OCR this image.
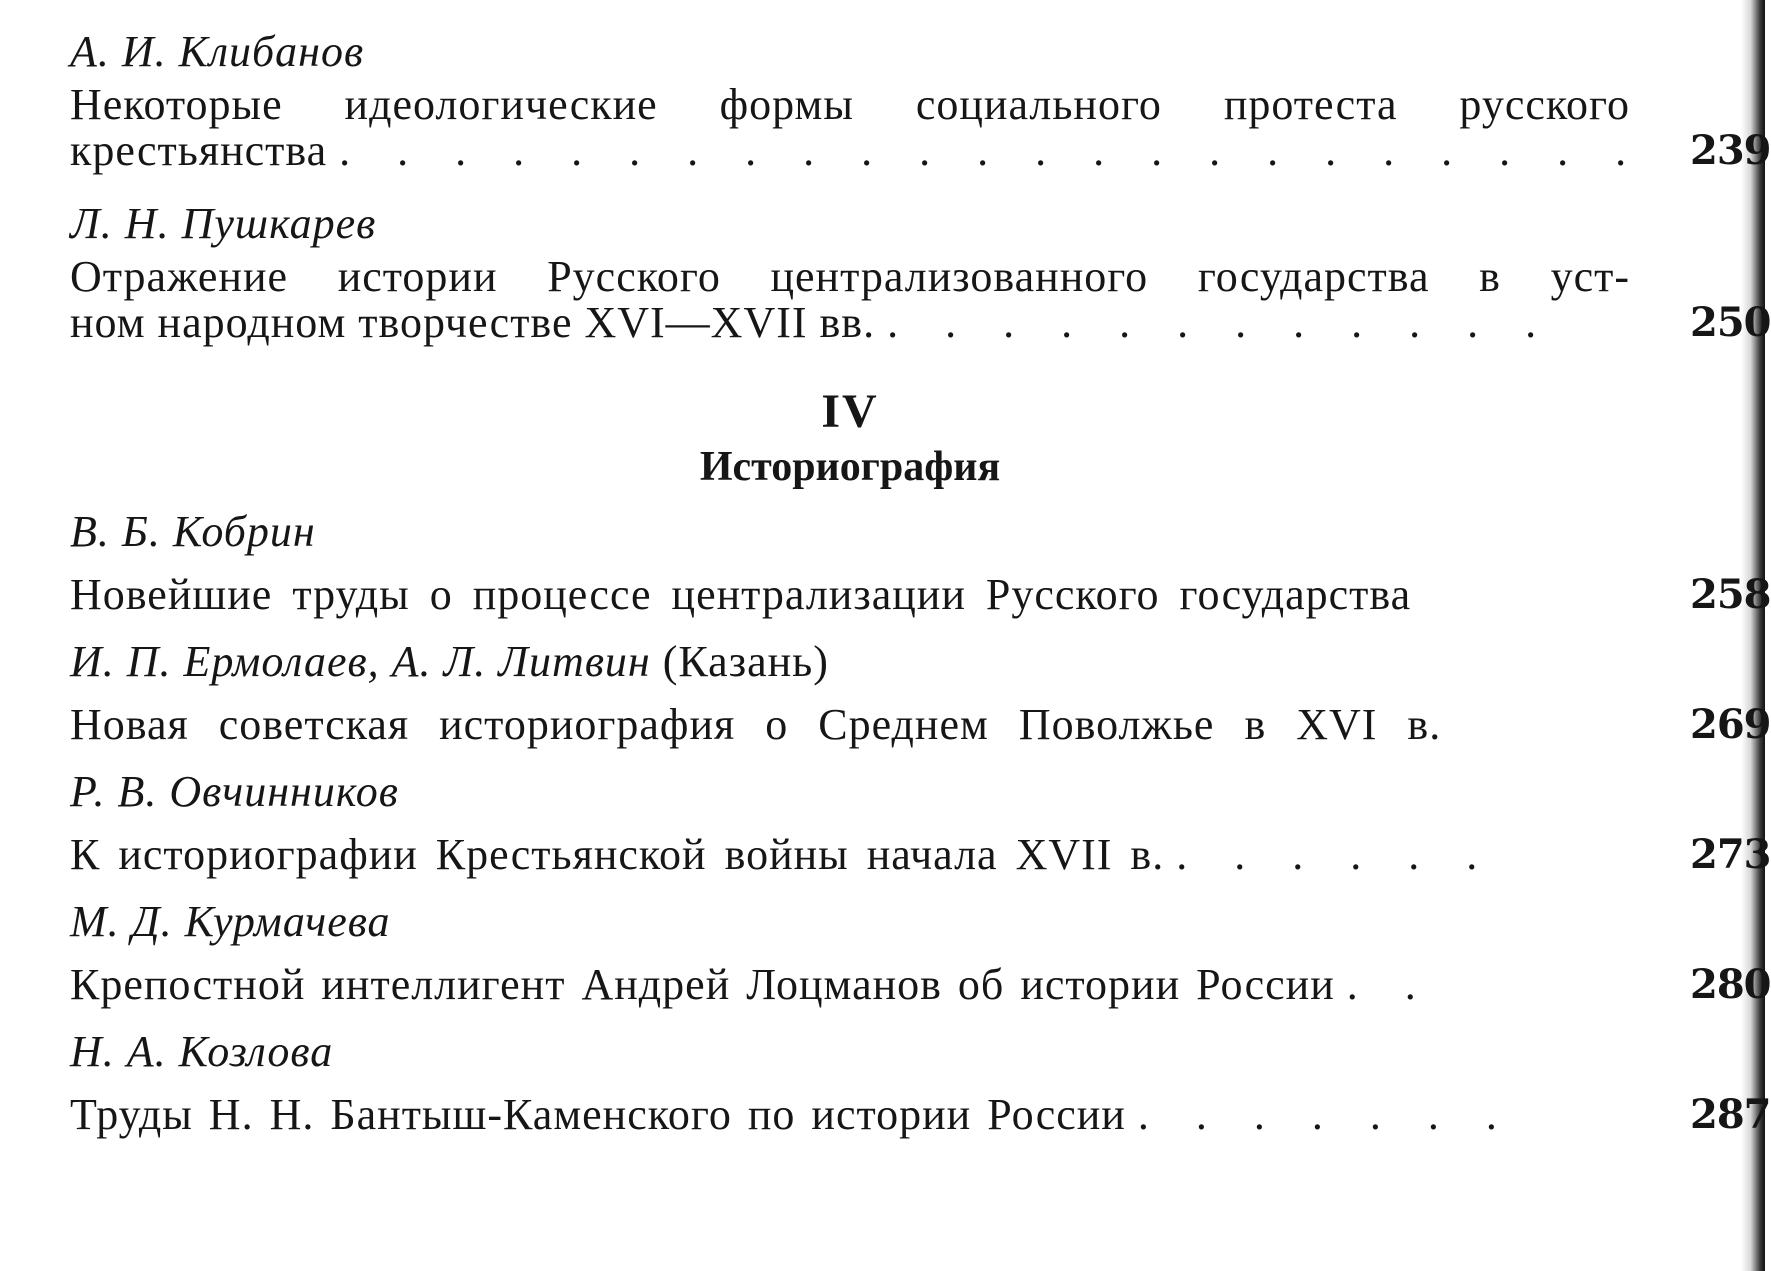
А. И. Клибанов
Некоторые идеологические формы социального протеста русского
крестьянства . . . . . . . . . . . . . . . . . . . . . . . 239
Л. Н. Пушкарев
Отражение истории Русского централизованного государства в уст-
ном народном творчестве XVI—XVII вв. . . . . . . . . . . . .	250
IV
Историография
В. Б. Кобрин
Новейшие труды о процессе централизации Русского государства	258
И. П. Ермолаев, А. Л. Литвин (Казань)
Новая советская историография о Среднем Поволжье в XVI в.	269
Р. В. Овчинников
К историографии Крестьянской войны начала XVII в. . . . . . .	273
М. Д. Курмачева
Крепостной интеллигент Андрей Лоцманов об истории России . .	280
Н. А. Козлова
Труды Н. Н. Бантыш-Каменского по истории России . . . . . . .	287
